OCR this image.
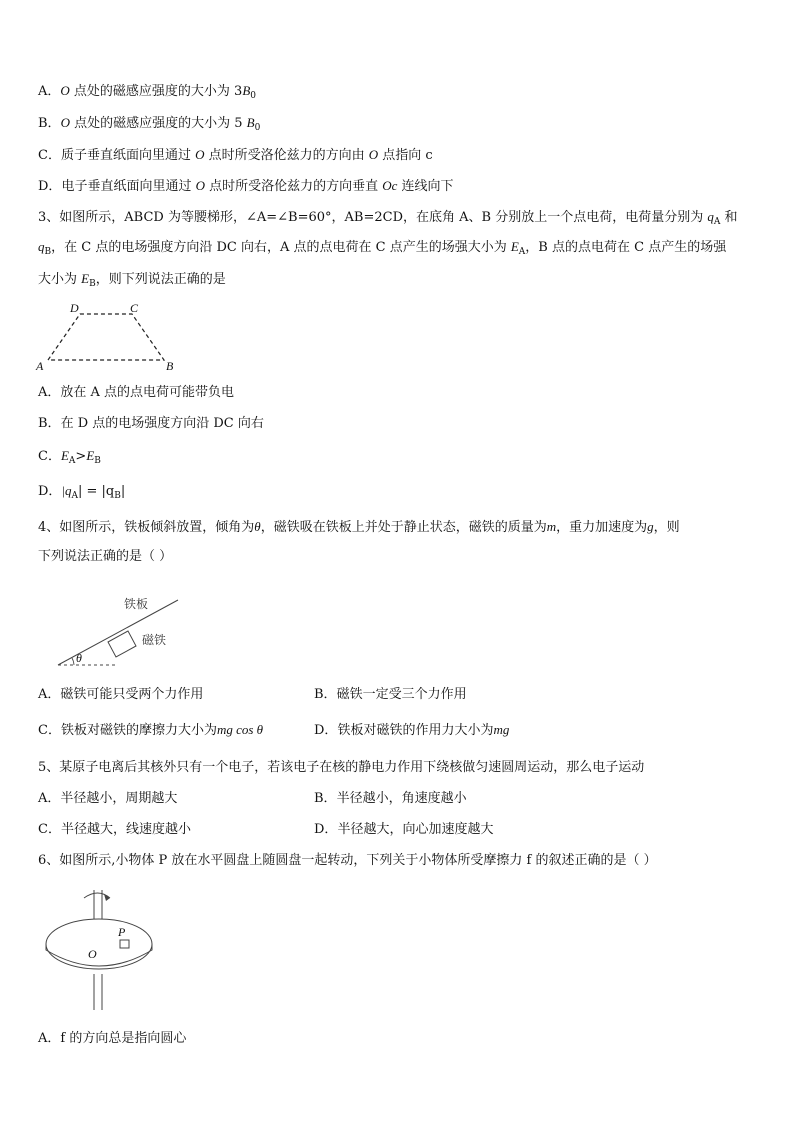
A．O 点处的磁感应强度的大小为 $3B_0$
B．O 点处的磁感应强度的大小为 5 $B_0$
C．质子垂直纸面向里通过 O 点时所受洛伦兹力的方向由 O 点指向 c
D．电子垂直纸面向里通过 O 点时所受洛伦兹力的方向垂直 Oc 连线向下
3、如图所示，ABCD 为等腰梯形，∠A=∠B=60°，AB=2CD，在底角 A、B 分别放上一个点电荷，电荷量分别为 $q_A$ 和
$q_B$，在 C 点的电场强度方向沿 DC 向右，A 点的点电荷在 C 点产生的场强大小为 $E_A$，B 点的点电荷在 C 点产生的场强
大小为 $E_B$，则下列说法正确的是
D	C
A	B
A．放在 A 点的点电荷可能带负电
B．在 D 点的电场强度方向沿 DC 向右
C．$E_A>E_B$
D．$|q_A| = |q_B|$
4、如图所示，铁板倾斜放置，倾角为θ，磁铁吸在铁板上并处于静止状态，磁铁的质量为m，重力加速度为g，则
下列说法正确的是（ ）
θ
铁板
磁铁
A．磁铁可能只受两个力作用	B．磁铁一定受三个力作用
C．铁板对磁铁的摩擦力大小为mg cos θ	D．铁板对磁铁的作用力大小为mg
5、某原子电离后其核外只有一个电子，若该电子在核的静电力作用下绕核做匀速圆周运动，那么电子运动
A．半径越小，周期越大	B．半径越小，角速度越小
C．半径越大，线速度越小	D．半径越大，向心加速度越大
6、如图所示,小物体 P 放在水平圆盘上随圆盘一起转动，下列关于小物体所受摩擦力 f 的叙述正确的是（ ）
P
O
A．f 的方向总是指向圆心
